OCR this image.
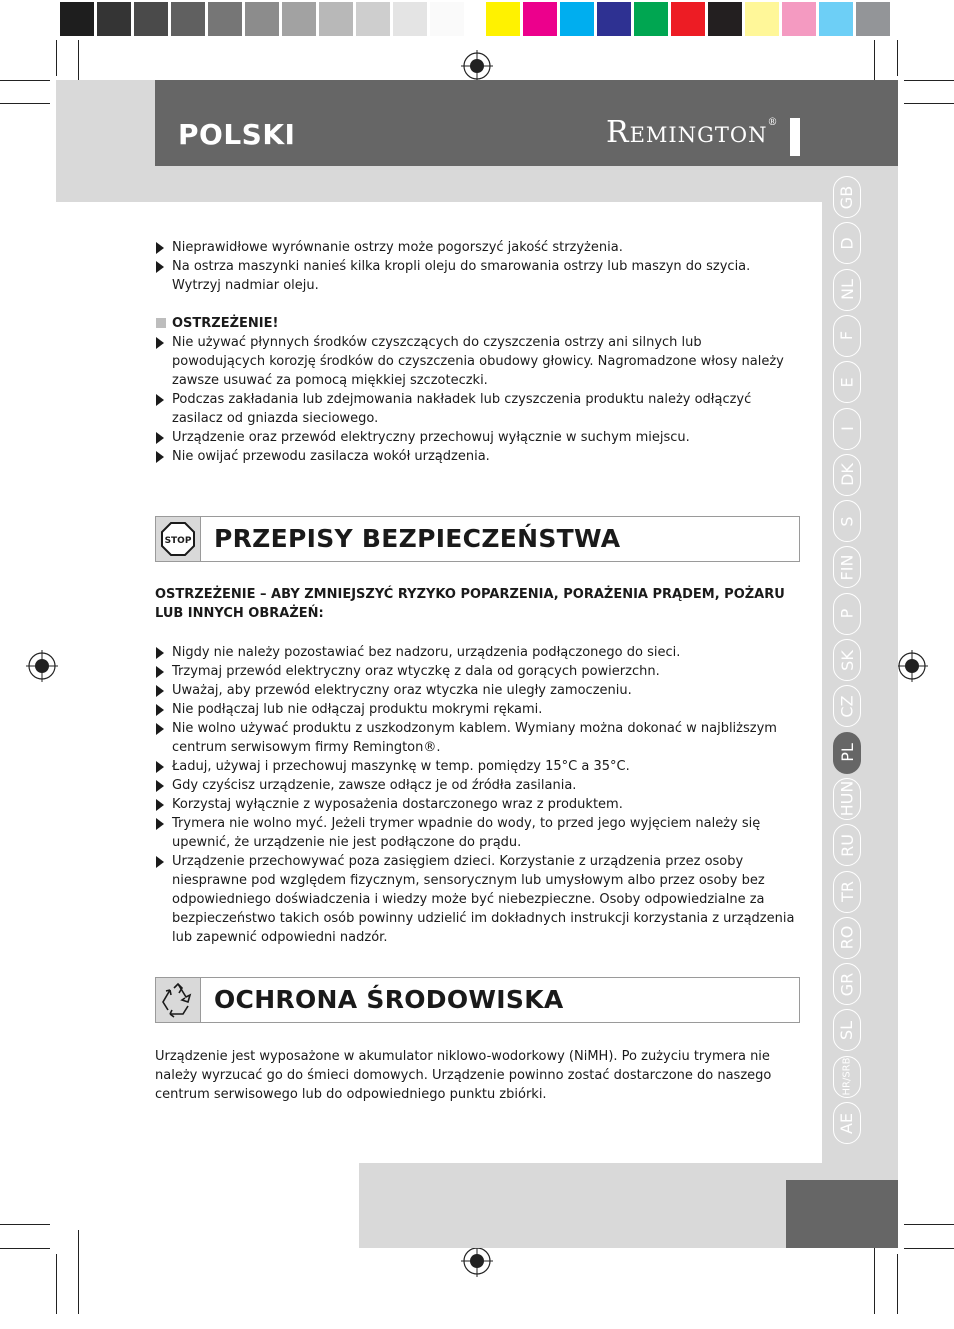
POLSKI	REMINGTON®
GB
D
NL
F
E
I
DK
S
FIN
P
SK
CZ
PL
HUN
RU
TR
RO
GR
SL
HR/SRB
AE
Nieprawidłowe wyrównanie ostrzy może pogorszyć jakość strzyżenia.
Na ostrza maszynki nanieś kilka kropli oleju do smarowania ostrzy lub maszyn do szycia. Wytrzyj nadmiar oleju.
OSTRZEŻENIE!
Nie używać płynnych środków czyszczących do czyszczenia ostrzy ani silnych lub powodujących korozję środków do czyszczenia obudowy głowicy. Nagromadzone włosy należy zawsze usuwać za pomocą miękkiej szczoteczki.
Podczas zakładania lub zdejmowania nakładek lub czyszczenia produktu należy odłączyć zasilacz od gniazda sieciowego.
Urządzenie oraz przewód elektryczny przechowuj wyłącznie w suchym miejscu.
Nie owijać przewodu zasilacza wokół urządzenia.
STOP PRZEPISY BEZPIECZEŃSTWA
OSTRZEŻENIE – ABY ZMNIEJSZYĆ RYZYKO POPARZENIA, PORAŻENIA PRĄDEM, POŻARU LUB INNYCH OBRAŻEŃ:
Nigdy nie należy pozostawiać bez nadzoru, urządzenia podłączonego do sieci.
Trzymaj przewód elektryczny oraz wtyczkę z dala od gorących powierzchn.
Uważaj, aby przewód elektryczny oraz wtyczka nie uległy zamoczeniu.
Nie podłączaj lub nie odłączaj produktu mokrymi rękami.
Nie wolno używać produktu z uszkodzonym kablem. Wymiany można dokonać w najbliższym centrum serwisowym firmy Remington®.
Ładuj, używaj i przechowuj maszynkę w temp. pomiędzy 15°C a 35°C.
Gdy czyścisz urządzenie, zawsze odłącz je od źródła zasilania.
Korzystaj wyłącznie z wyposażenia dostarczonego wraz z produktem.
Trymera nie wolno myć. Jeżeli trymer wpadnie do wody, to przed jego wyjęciem należy się upewnić, że urządzenie nie jest podłączone do prądu.
Urządzenie przechowywać poza zasięgiem dzieci. Korzystanie z urządzenia przez osoby niesprawne pod względem fizycznym, sensorycznym lub umysłowym albo przez osoby bez odpowiedniego doświadczenia i wiedzy może być niebezpieczne. Osoby odpowiedzialne za bezpieczeństwo takich osób powinny udzielić im dokładnych instrukcji korzystania z urządzenia lub zapewnić odpowiedni nadzór.
OCHRONA ŚRODOWISKA
Urządzenie jest wyposażone w akumulator niklowo-wodorkowy (NiMH). Po zużyciu trymera nie należy wyrzucać go do śmieci domowych. Urządzenie powinno zostać dostarczone do naszego centrum serwisowego lub do odpowiedniego punktu zbiórki.
